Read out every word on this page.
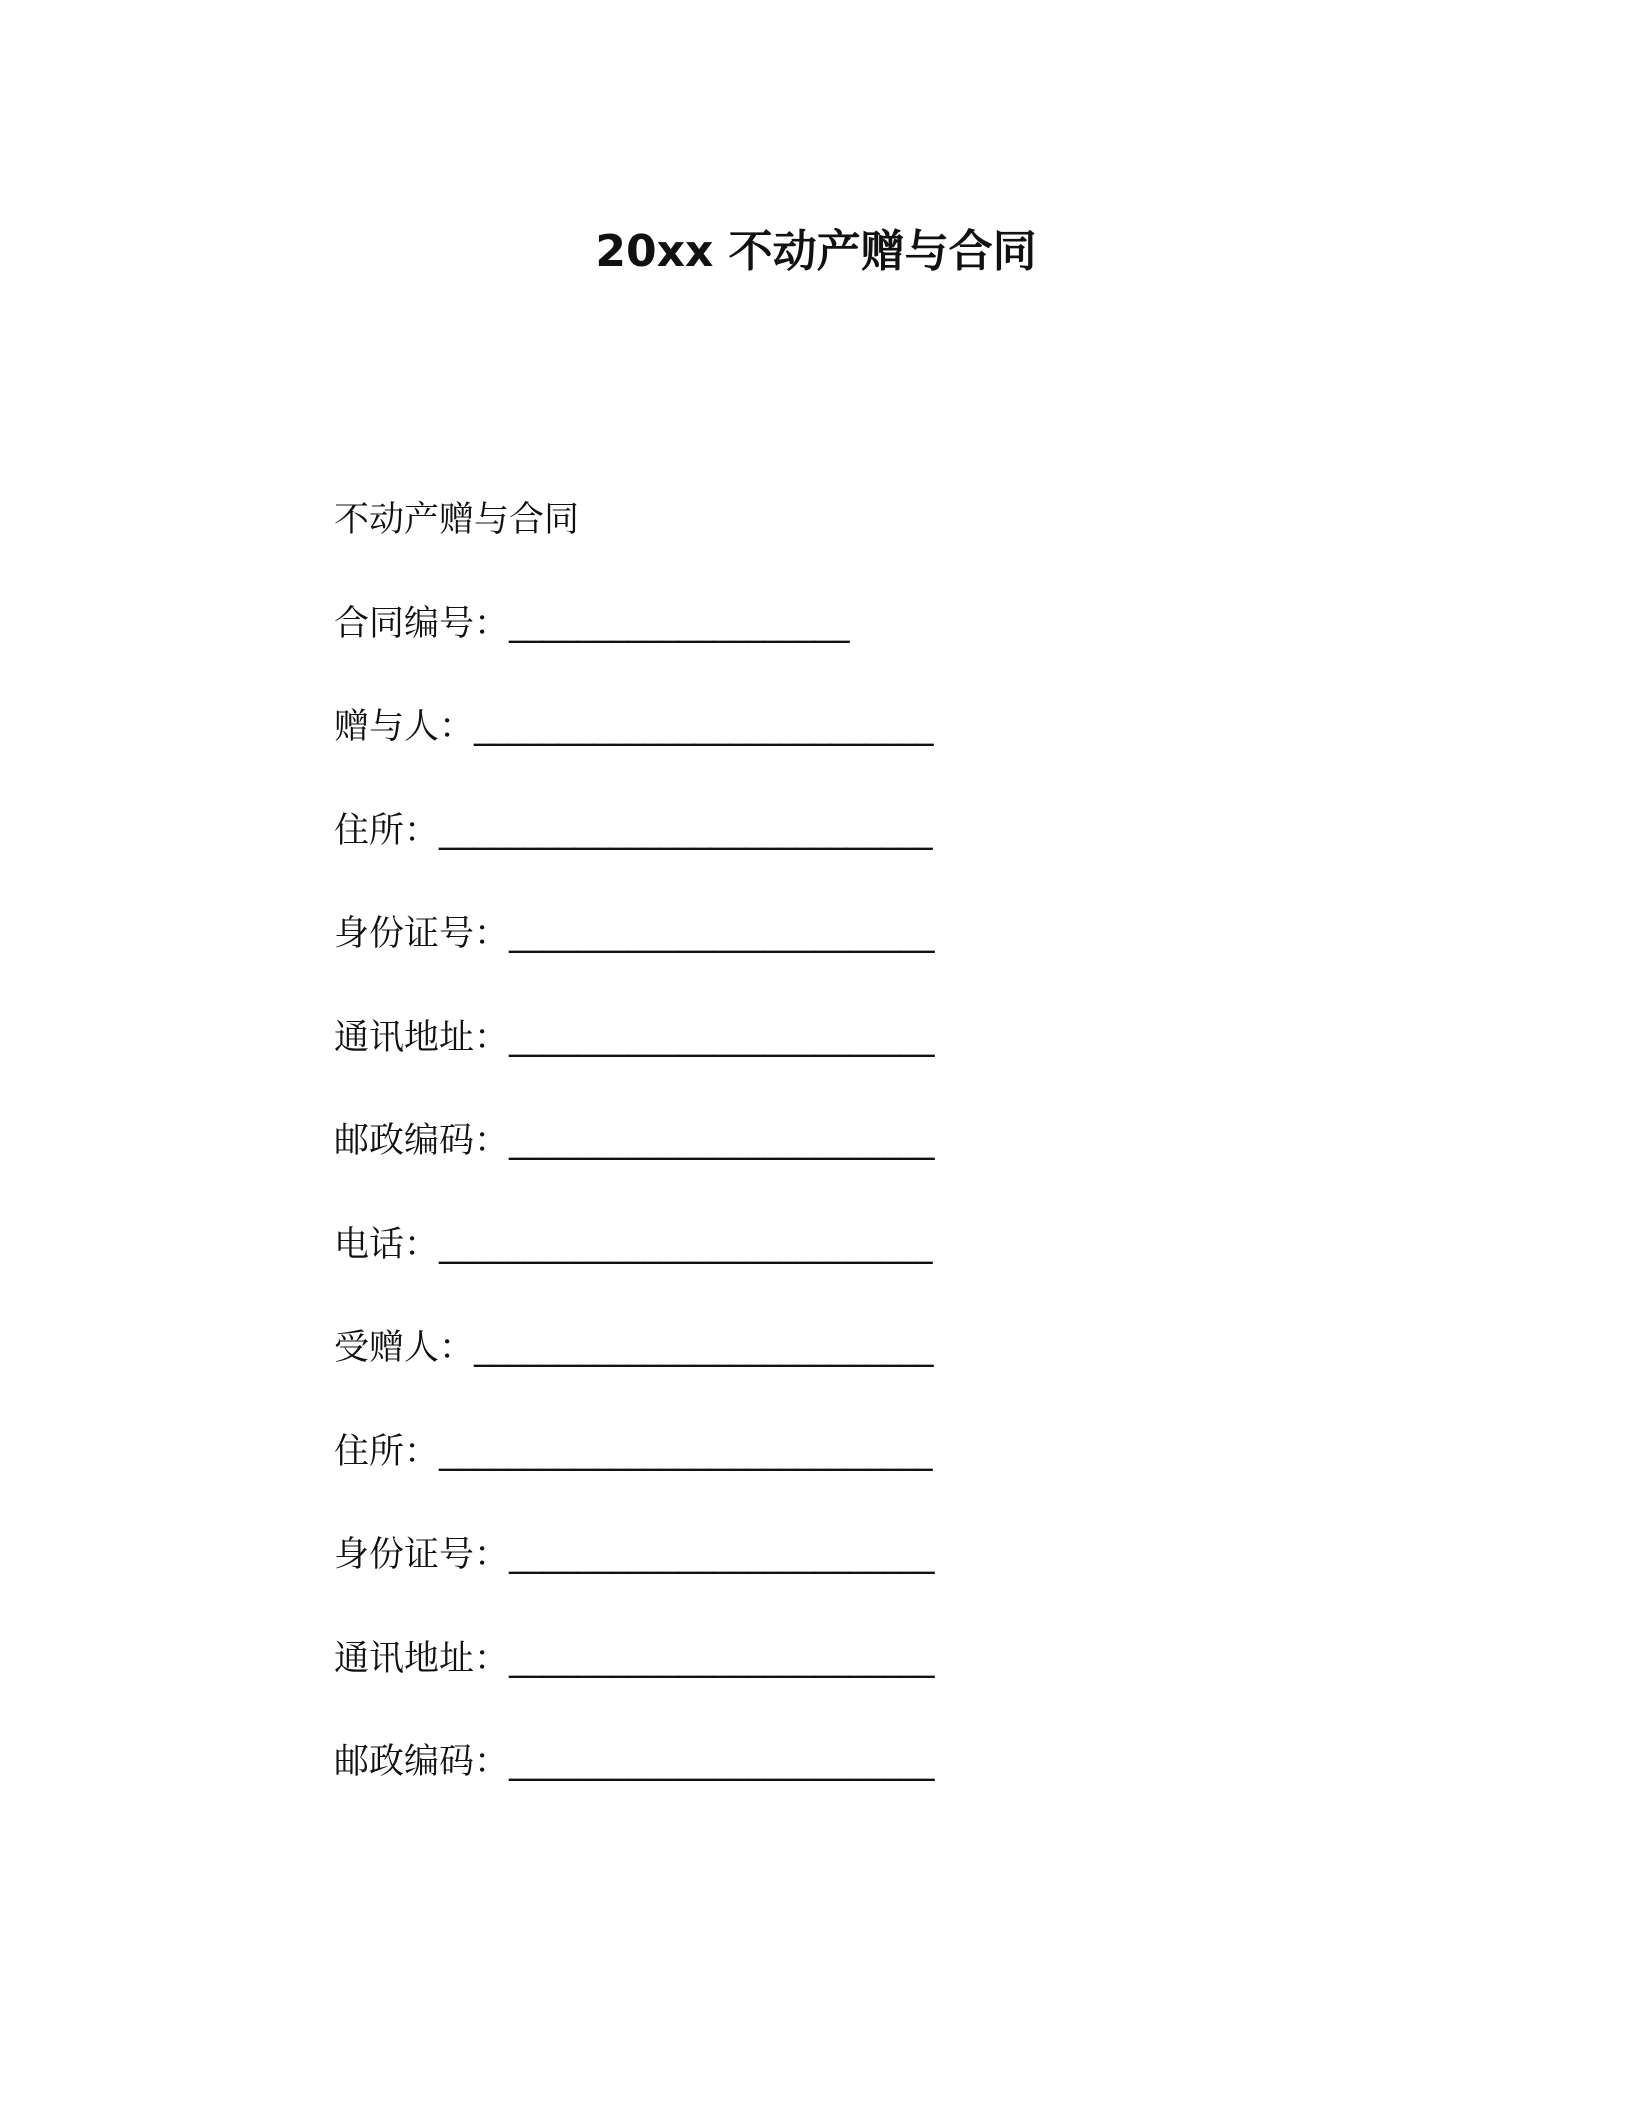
20xx 不动产赠与合同
不动产赠与合同
合同编号：____________________
赠与人：___________________________
住所：_____________________________
身份证号：_________________________
通讯地址：_________________________
邮政编码：_________________________
电话：_____________________________
受赠人：___________________________
住所：_____________________________
身份证号：_________________________
通讯地址：_________________________
邮政编码：_________________________
